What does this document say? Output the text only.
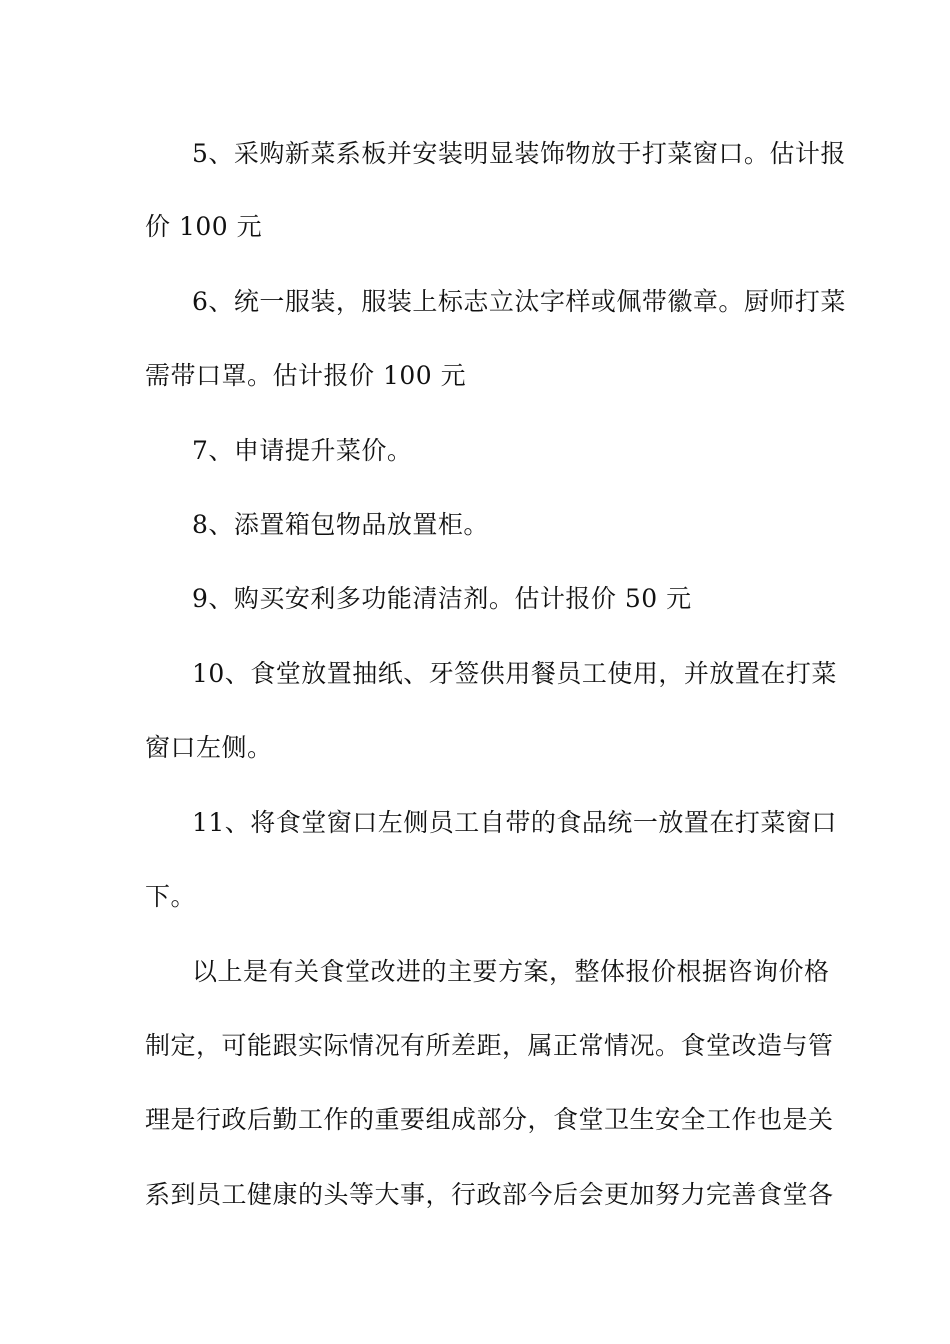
5、采购新菜系板并安装明显装饰物放于打菜窗口。估计报
价 100 元
6、统一服装，服装上标志立汰字样或佩带徽章。厨师打菜
需带口罩。估计报价 100 元
7、申请提升菜价。
8、添置箱包物品放置柜。
9、购买安利多功能清洁剂。估计报价 50 元
10、食堂放置抽纸、牙签供用餐员工使用，并放置在打菜
窗口左侧。
11、将食堂窗口左侧员工自带的食品统一放置在打菜窗口
下。
以上是有关食堂改进的主要方案，整体报价根据咨询价格
制定，可能跟实际情况有所差距，属正常情况。食堂改造与管
理是行政后勤工作的重要组成部分，食堂卫生安全工作也是关
系到员工健康的头等大事，行政部今后会更加努力完善食堂各
